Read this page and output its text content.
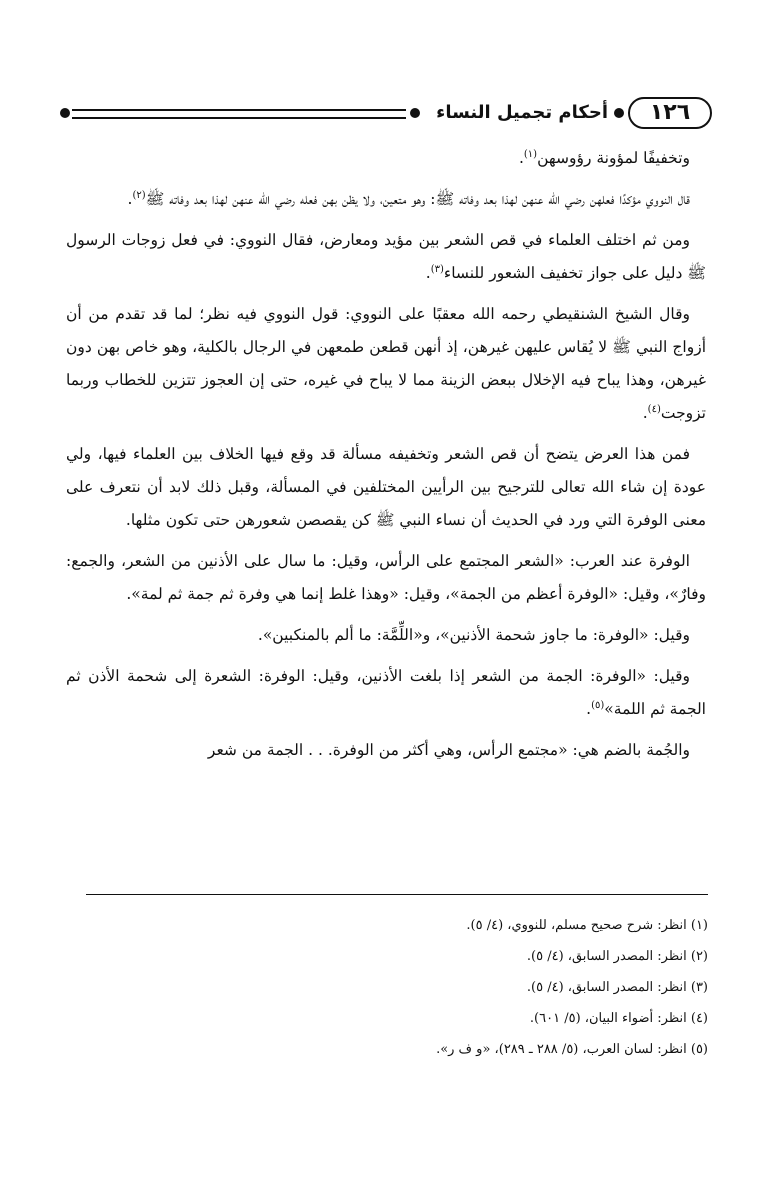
١٢٦
أحكام تجميل النساء

وتخفيفًا لمؤونة رؤوسهن$^{(١)}$.

قال النووي مؤكدًا فعلهن رضي الله عنهن لهذا بعد وفاته ﷺ: وهو متعين، ولا يظن بهن فعله رضي الله عنهن لهذا بعد وفاته ﷺ$^{(٢)}$.

ومن ثم اختلف العلماء في قص الشعر بين مؤيد ومعارض، فقال النووي: في فعل زوجات الرسول ﷺ دليل على جواز تخفيف الشعور للنساء$^{(٣)}$.

وقال الشيخ الشنقيطي رحمه الله معقبًا على النووي: قول النووي فيه نظر؛ لما قد تقدم من أن أزواج النبي ﷺ لا يُقاس عليهن غيرهن، إذ أنهن قطعن طمعهن في الرجال بالكلية، وهو خاص بهن دون غيرهن، وهذا يباح فيه الإخلال ببعض الزينة مما لا يباح في غيره، حتى إن العجوز تتزين للخطاب وربما تزوجت$^{(٤)}$.

فمن هذا العرض يتضح أن قص الشعر وتخفيفه مسألة قد وقع فيها الخلاف بين العلماء فيها، ولي عودة إن شاء الله تعالى للترجيح بين الرأيين المختلفين في المسألة، وقبل ذلك لابد أن نتعرف على معنى الوفرة التي ورد في الحديث أن نساء النبي ﷺ كن يقصصن شعورهن حتى تكون مثلها.

الوفرة عند العرب: «الشعر المجتمع على الرأس، وقيل: ما سال على الأذنين من الشعر، والجمع: وفارٌ»، وقيل: «الوفرة أعظم من الجمة»، وقيل: «وهذا غلط إنما هي وفرة ثم جمة ثم لمة».

وقيل: «الوفرة: ما جاوز شحمة الأذنين»، و«اللِّمَّة: ما ألم بالمنكبين».

وقيل: «الوفرة: الجمة من الشعر إذا بلغت الأذنين، وقيل: الوفرة: الشعرة إلى شحمة الأذن ثم الجمة ثم اللمة»$^{(٥)}$.

والجُمة بالضم هي: «مجتمع الرأس، وهي أكثر من الوفرة. . . الجمة من شعر

(١) انظر: شرح صحيح مسلم، للنووي، (٤/ ٥).

(٢) انظر: المصدر السابق، (٤/ ٥).

(٣) انظر: المصدر السابق، (٤/ ٥).

(٤) انظر: أضواء البيان، (٥/ ٦٠١).

(٥) انظر: لسان العرب، (٥/ ٢٨٨ ـ ٢٨٩)، «و ف ر».
